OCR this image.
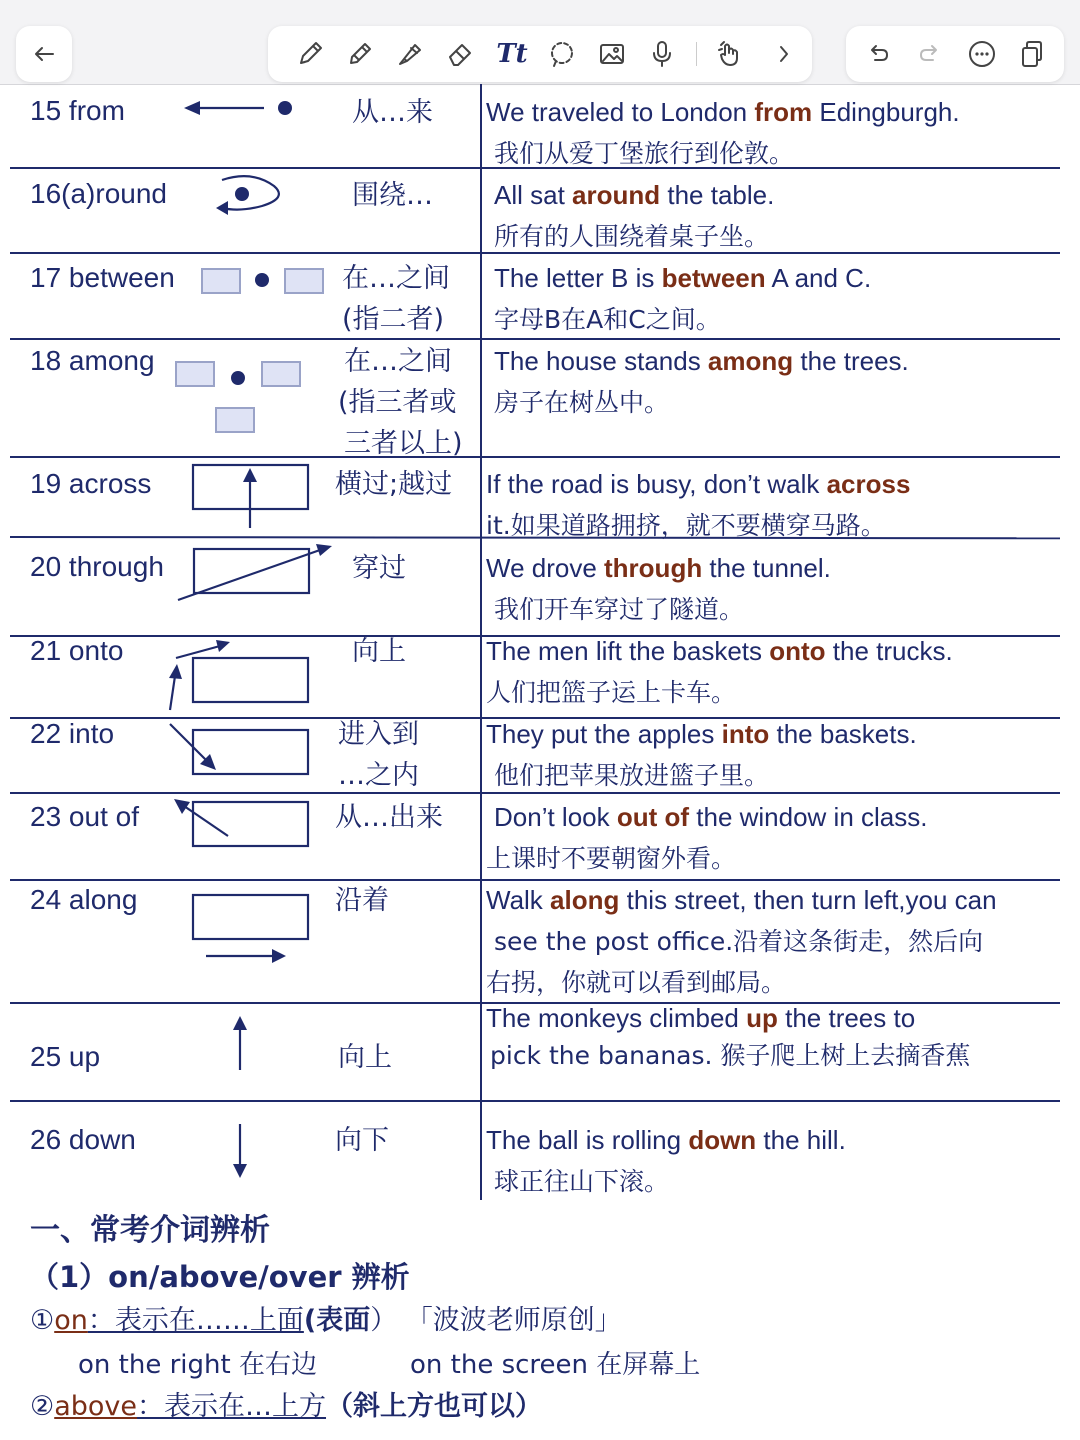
Tt
15 from	从…来 We traveled to London from Edingburgh.
我们从爱丁堡旅行到伦敦。
16(a)round	围绕…	All sat around the table.
所有的人围绕着桌子坐。
17 between	在…之间
(指二者)
The letter B is between A and C.
字母B在A和C之间。
18 among	在…之间
(指三者或
三者以上)
The house stands among the trees.
房子在树丛中。
19 across	横过;越过 If the road is busy, don’t walk across
it.如果道路拥挤，就不要横穿马路。
20 through	穿过	We drove through the tunnel.
我们开车穿过了隧道。
21 onto	向上	The men lift the baskets onto the trucks.
人们把篮子运上卡车。
22 into	进入到
…之内
They put the apples into the baskets.
他们把苹果放进篮子里。
23 out of	从…出来	Don’t look out of the window in class.
上课时不要朝窗外看。
24 along	沿着	Walk along this street, then turn left,you can
see the post office.沿着这条街走，然后向
右拐，你就可以看到邮局。
25 up	向上
The monkeys climbed up the trees to
pick the bananas. 猴子爬上树上去摘香蕉
26 down	向下	The ball is rolling down the hill.
球正往山下滚。
一、常考介词辨析
（1）on/above/over 辨析
①on：表示在……上面(表面） 「波波老师原创」
on the right 在右边	on the screen 在屏幕上
②above：表示在…上方（斜上方也可以）
